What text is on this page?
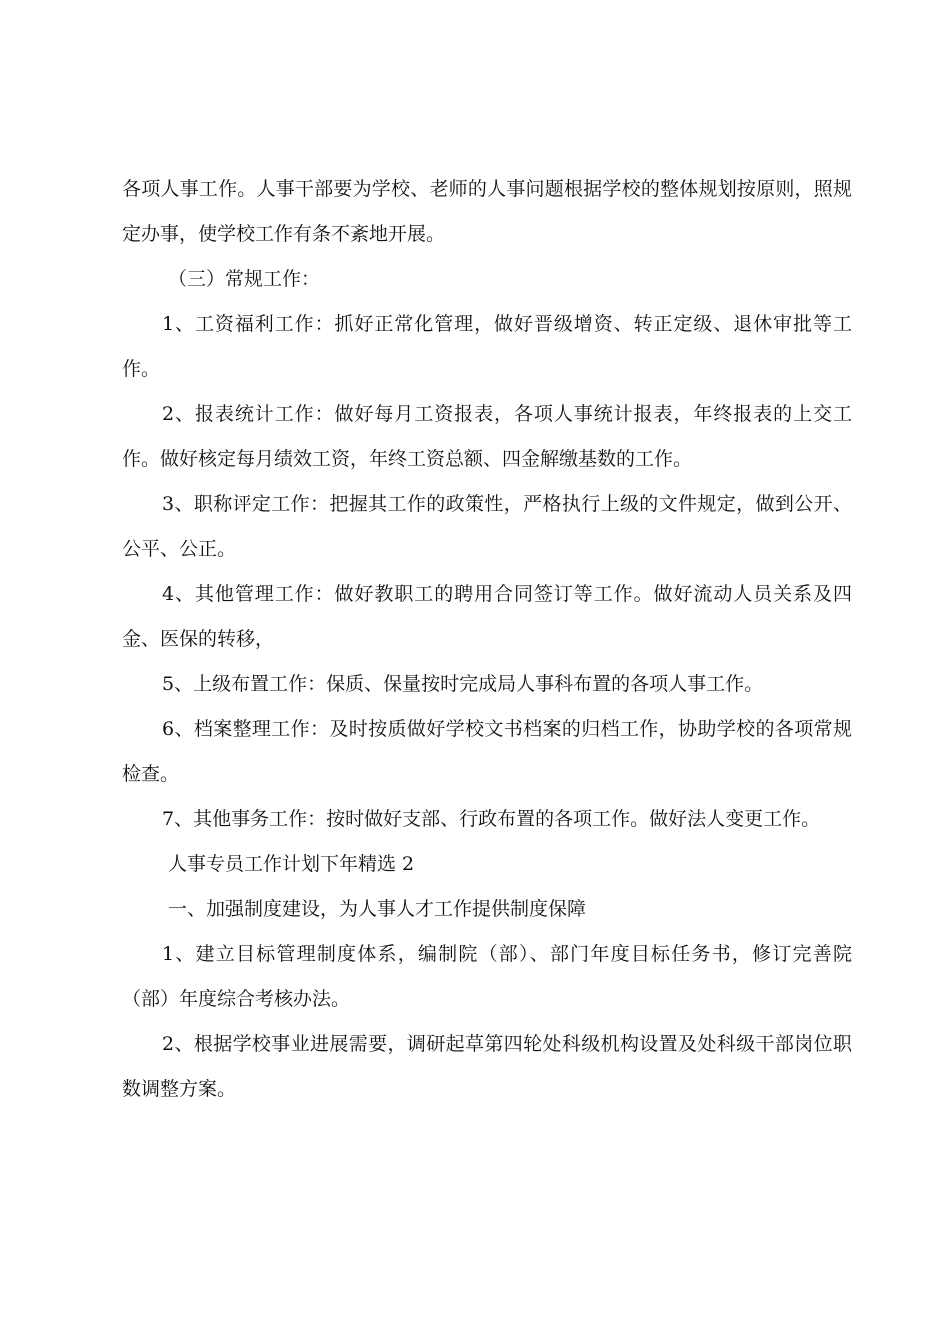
各项人事工作。人事干部要为学校、老师的人事问题根据学校的整体规划按原则，照规定办事，使学校工作有条不紊地开展。

（三）常规工作：

1、工资福利工作：抓好正常化管理，做好晋级增资、转正定级、退休审批等工作。

2、报表统计工作：做好每月工资报表，各项人事统计报表，年终报表的上交工作。做好核定每月绩效工资，年终工资总额、四金解缴基数的工作。

3、职称评定工作：把握其工作的政策性，严格执行上级的文件规定，做到公开、公平、公正。

4、其他管理工作：做好教职工的聘用合同签订等工作。做好流动人员关系及四金、医保的转移，

5、上级布置工作：保质、保量按时完成局人事科布置的各项人事工作。

6、档案整理工作：及时按质做好学校文书档案的归档工作，协助学校的各项常规检查。

7、其他事务工作：按时做好支部、行政布置的各项工作。做好法人变更工作。

人事专员工作计划下年精选 2

一、加强制度建设，为人事人才工作提供制度保障

1、建立目标管理制度体系，编制院（部）、部门年度目标任务书，修订完善院（部）年度综合考核办法。

2、根据学校事业进展需要，调研起草第四轮处科级机构设置及处科级干部岗位职数调整方案。
